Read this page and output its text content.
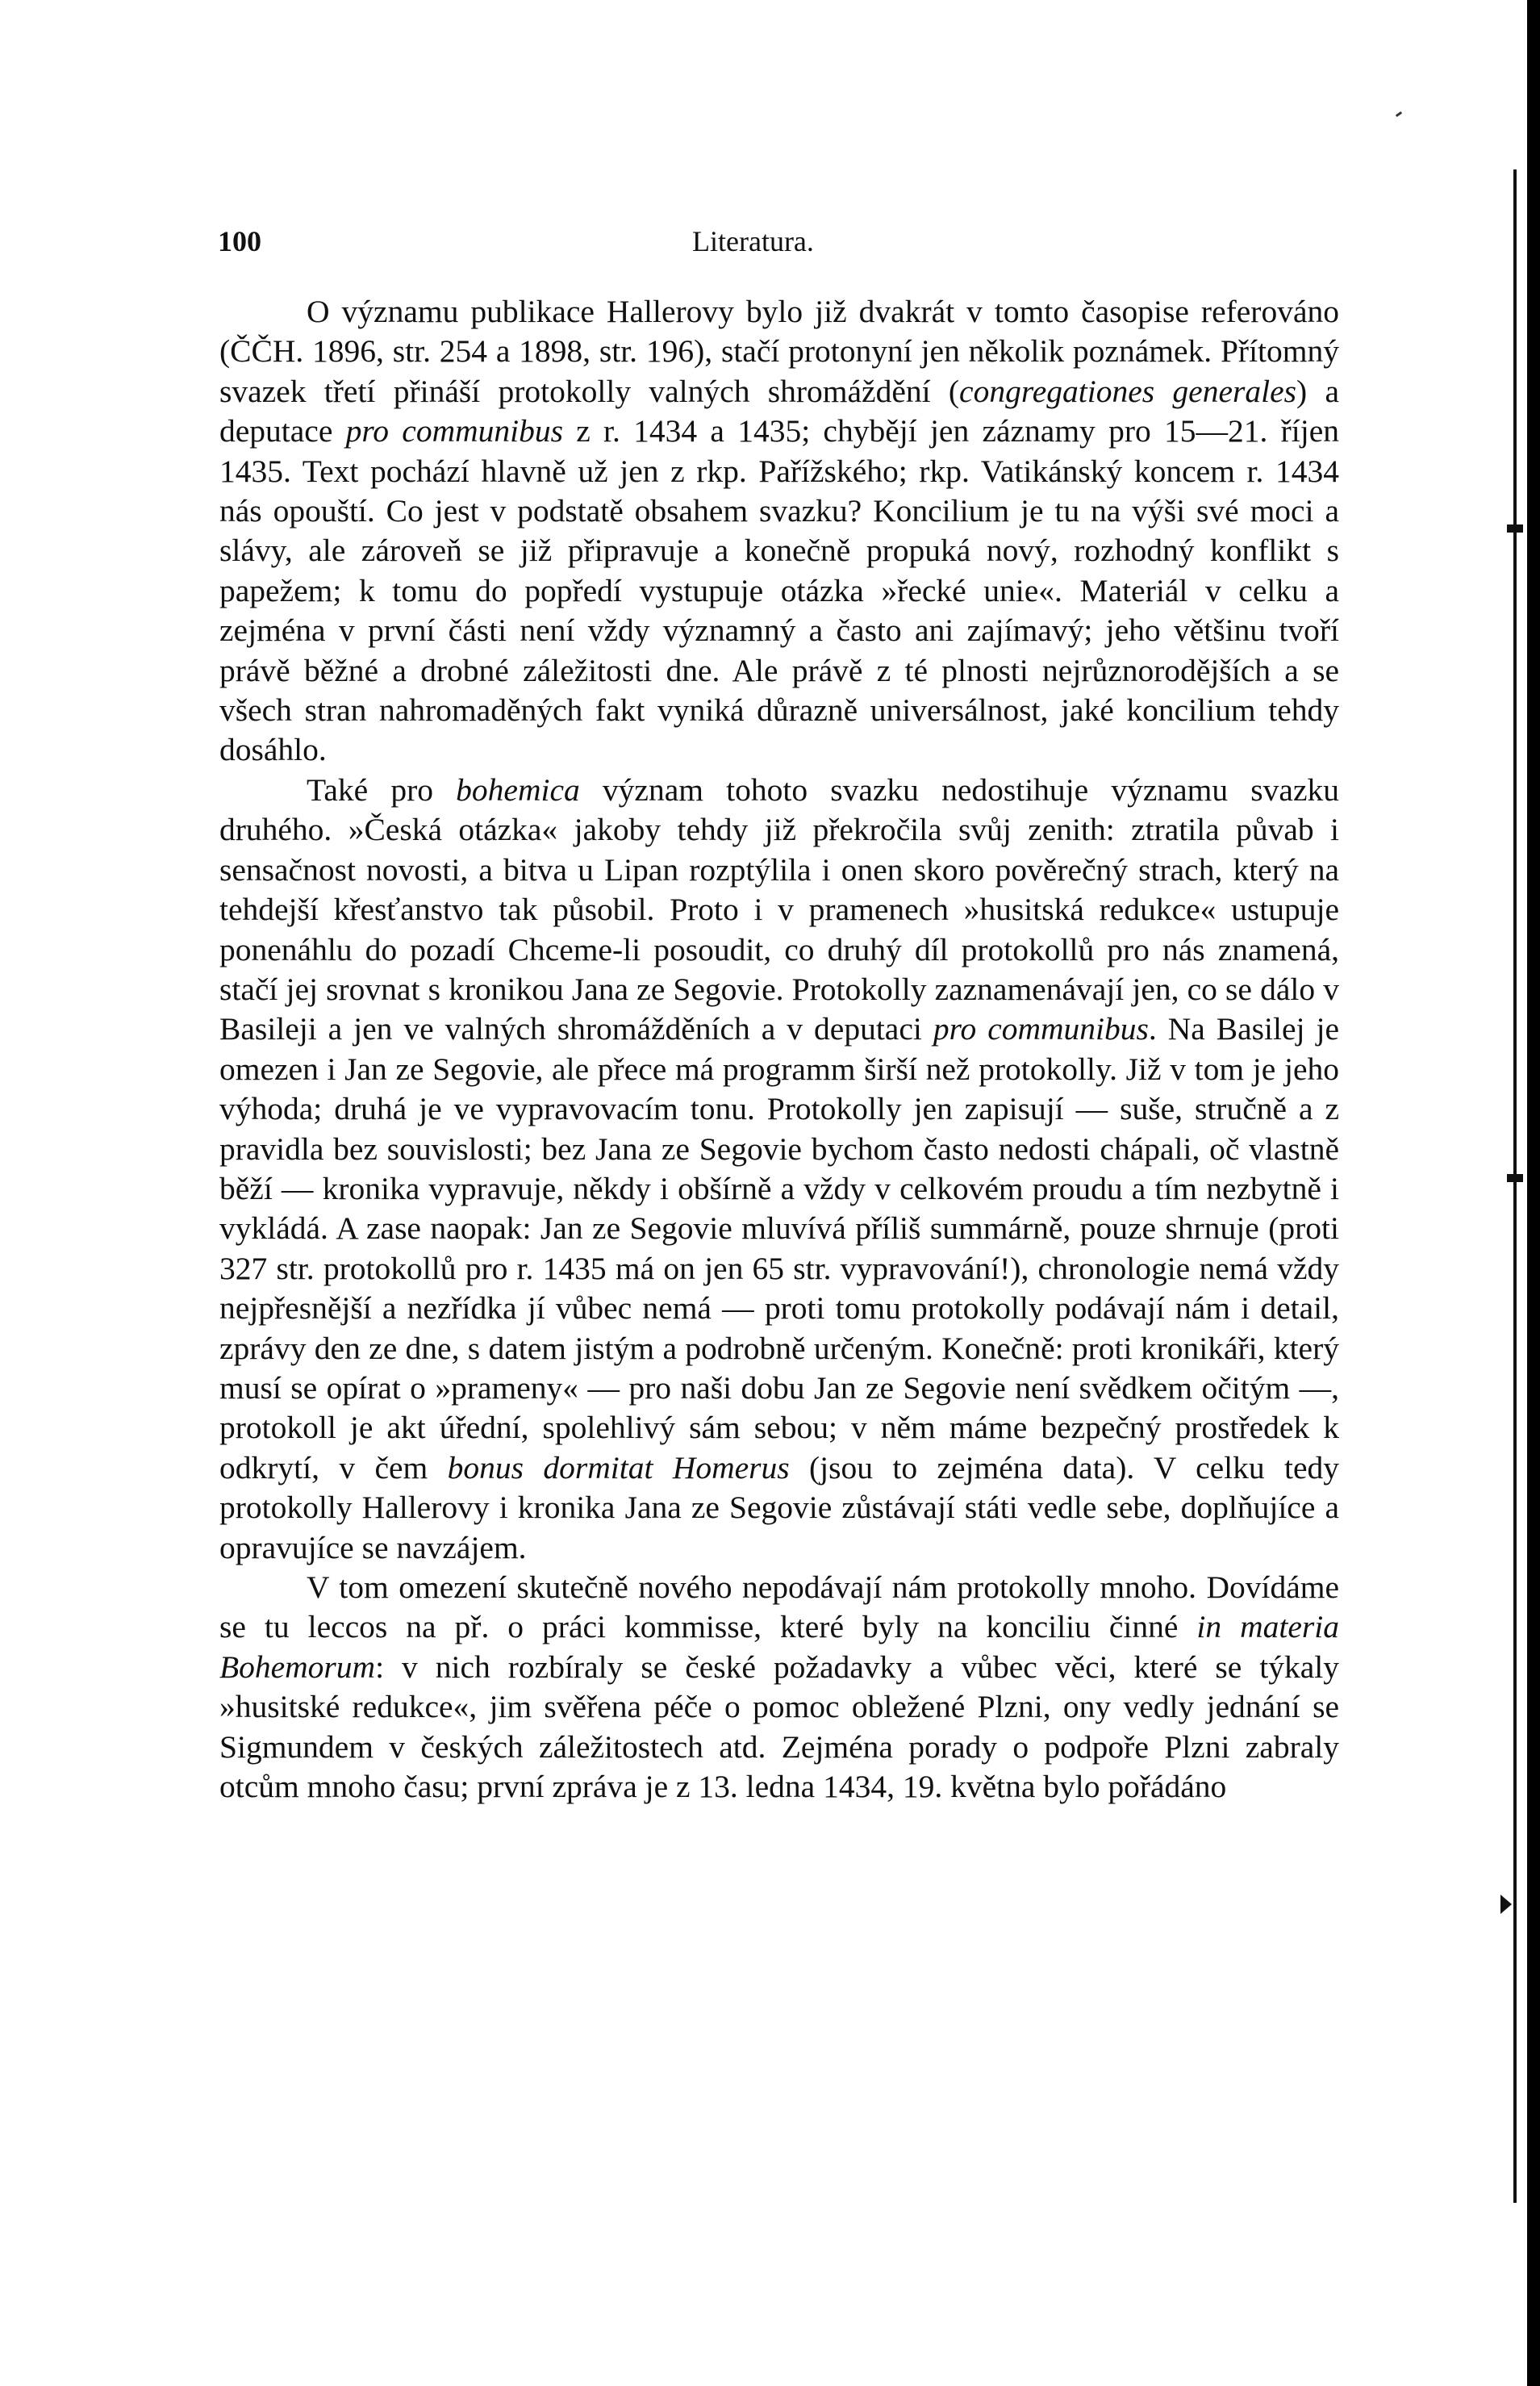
100	Literatura.

O významu publikace Hallerovy bylo již dvakrát v tomto časopise referováno (ČČH. 1896, str. 254 a 1898, str. 196), stačí protonyní jen několik poznámek. Přítomný svazek třetí přináší protokolly valných shromáždění (congregationes generales) a deputace pro communibus z r. 1434 a 1435; chybějí jen záznamy pro 15—21. říjen 1435. Text pochází hlavně už jen z rkp. Pařížského; rkp. Vatikánský koncem r. 1434 nás opouští. Co jest v podstatě obsahem svazku? Koncilium je tu na výši své moci a slávy, ale zároveň se již připravuje a konečně propuká nový, rozhodný konflikt s papežem; k tomu do popředí vystupuje otázka »řecké unie«. Materiál v celku a zejména v první části není vždy významný a často ani zajímavý; jeho většinu tvoří právě běžné a drobné záležitosti dne. Ale právě z té plnosti nejrůznorodějších a se všech stran nahromaděných fakt vyniká důrazně universálnost, jaké koncilium tehdy dosáhlo.

Také pro bohemica význam tohoto svazku nedostihuje významu svazku druhého. »Česká otázka« jakoby tehdy již překročila svůj zenith: ztratila půvab i sensačnost novosti, a bitva u Lipan rozptýlila i onen skoro pověrečný strach, který na tehdejší křesťanstvo tak působil. Proto i v pramenech »husitská redukce« ustupuje ponenáhlu do pozadí Chceme-li posoudit, co druhý díl protokollů pro nás znamená, stačí jej srovnat s kronikou Jana ze Segovie. Protokolly zaznamenávají jen, co se dálo v Basileji a jen ve valných shromážděních a v deputaci pro communibus. Na Basilej je omezen i Jan ze Segovie, ale přece má programm širší než protokolly. Již v tom je jeho výhoda; druhá je ve vypravovacím tonu. Protokolly jen zapisují — suše, stručně a z pravidla bez souvislosti; bez Jana ze Segovie bychom často nedosti chápali, oč vlastně běží — kronika vypravuje, někdy i obšírně a vždy v celkovém proudu a tím nezbytně i vykládá. A zase naopak: Jan ze Segovie mluvívá příliš summárně, pouze shrnuje (proti 327 str. protokollů pro r. 1435 má on jen 65 str. vypravování!), chronologie nemá vždy nejpřesnější a nezřídka jí vůbec nemá — proti tomu protokolly podávají nám i detail, zprávy den ze dne, s datem jistým a podrobně určeným. Konečně: proti kronikáři, který musí se opírat o »prameny« — pro naši dobu Jan ze Segovie není svědkem očitým —, protokoll je akt úřední, spolehlivý sám sebou; v něm máme bezpečný prostředek k odkrytí, v čem bonus dormitat Homerus (jsou to zejména data). V celku tedy protokolly Hallerovy i kronika Jana ze Segovie zůstávají státi vedle sebe, doplňujíce a opravujíce se navzájem.

V tom omezení skutečně nového nepodávají nám protokolly mnoho. Dovídáme se tu leccos na př. o práci kommisse, které byly na konciliu činné in materia Bohemorum: v nich rozbíraly se české požadavky a vůbec věci, které se týkaly »husitské redukce«, jim svěřena péče o pomoc obležené Plzni, ony vedly jednání se Sigmundem v českých záležitostech atd. Zejména porady o podpoře Plzni zabraly otcům mnoho času; první zpráva je z 13. ledna 1434, 19. května bylo pořádáno
